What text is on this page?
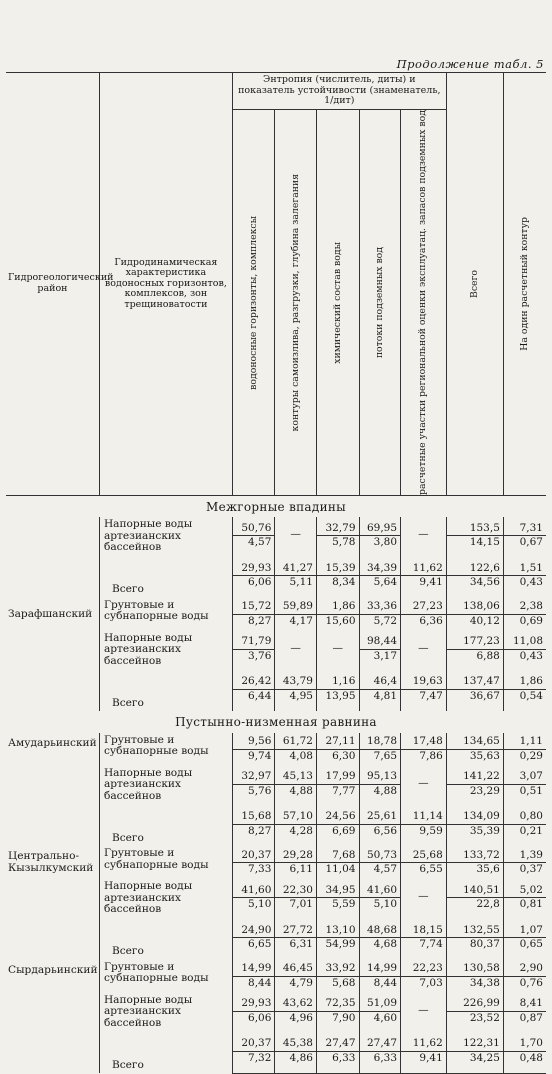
Продолжение табл. 5
Гидрогеологический район	Гидродинамическая характеристика водоносных горизонтов, комплексов, зон трещиноватости	Энтропия (числитель, диты) и показатель устойчивости (знаменатель, 1/дит)					Всего	На один расчетный контур

		водоносные горизонты, комплексы	контуры самоизлива, разгрузки, глубина залегания	химический состав воды	потоки подземных вод	расчетные участки региональной оценки эксплуатац. запасов подземных вод		

Межгорные впадины								
Зарафшанский	Напорные воды артезианских бассейнов	50,76	—	32,79	69,95	—	153,5	7,31
		4,57		5,78	3,80		14,15	0,67
	Всего	29,93	41,27	15,39	34,39	11,62	122,6	1,51
		6,06	5,11	8,34	5,64	9,41	34,56	0,43
	Грунтовые и субнапорные воды	15,72	59,89	1,86	33,36	27,23	138,06	2,38
		8,27	4,17	15,60	5,72	6,36	40,12	0,69
	Напорные воды артезианских бассейнов	71,79	—	—	98,44	—	177,23	11,08
		3,76			3,17		6,88	0,43
	Всего	26,42	43,79	1,16	46,4	19,63	137,47	1,86
		6,44	4,95	13,95	4,81	7,47	36,67	0,54
Пустынно-низменная равнина								
Амударьинский	Грунтовые и субнапорные воды	9,56	61,72	27,11	18,78	17,48	134,65	1,11
		9,74	4,08	6,30	7,65	7,86	35,63	0,29
	Напорные воды артезианских бассейнов	32,97	45,13	17,99	95,13	—	141,22	3,07
		5,76	4,88	7,77	4,88		23,29	0,51
	Всего	15,68	57,10	24,56	25,61	11,14	134,09	0,80
		8,27	4,28	6,69	6,56	9,59	35,39	0,21
Центрально-Кызылкумский	Грунтовые и субнапорные воды	20,37	29,28	7,68	50,73	25,68	133,72	1,39
		7,33	6,11	11,04	4,57	6,55	35,6	0,37
	Напорные воды артезианских бассейнов	41,60	22,30	34,95	41,60	—	140,51	5,02
		5,10	7,01	5,59	5,10		22,8	0,81
	Всего	24,90	27,72	13,10	48,68	18,15	132,55	1,07
		6,65	6,31	54,99	4,68	7,74	80,37	0,65
Сырдарьинский	Грунтовые и субнапорные воды	14,99	46,45	33,92	14,99	22,23	130,58	2,90
		8,44	4,79	5,68	8,44	7,03	34,38	0,76
	Напорные воды артезианских бассейнов	29,93	43,62	72,35	51,09	—	226,99	8,41
		6,06	4,96	7,90	4,60		23,52	0,87
	Всего	20,37	45,38	27,47	27,47	11,62	122,31	1,70
		7,32	4,86	6,33	6,33	9,41	34,25	0,48
